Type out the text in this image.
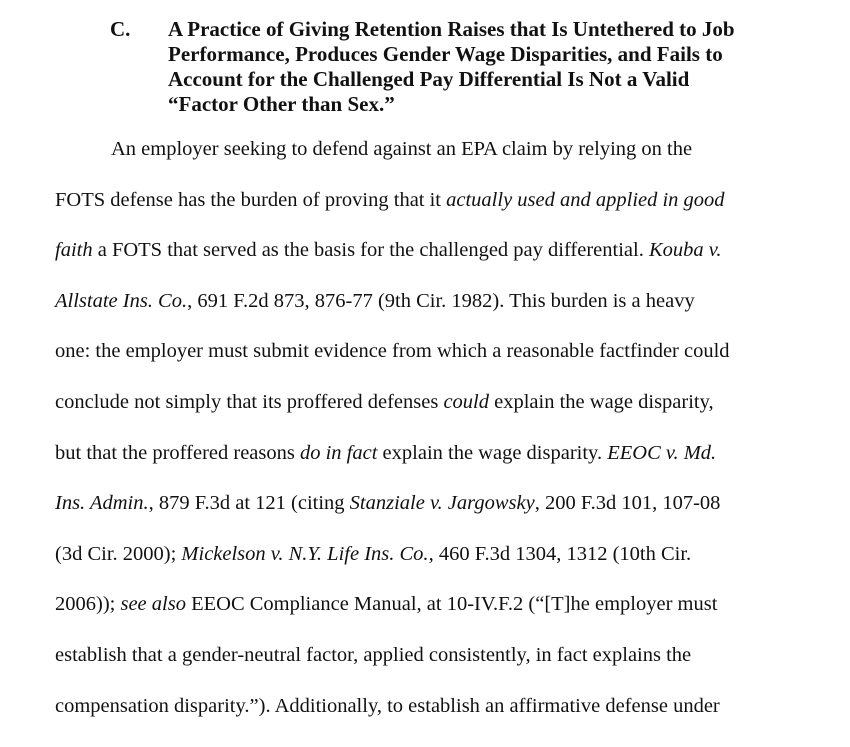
C. A Practice of Giving Retention Raises that Is Untethered to Job
Performance, Produces Gender Wage Disparities, and Fails to
Account for the Challenged Pay Differential Is Not a Valid
“Factor Other than Sex.”
An employer seeking to defend against an EPA claim by relying on the
FOTS defense has the burden of proving that it actually used and applied in good
faith a FOTS that served as the basis for the challenged pay differential. Kouba v.
Allstate Ins. Co., 691 F.2d 873, 876-77 (9th Cir. 1982). This burden is a heavy
one: the employer must submit evidence from which a reasonable factfinder could
conclude not simply that its proffered defenses could explain the wage disparity,
but that the proffered reasons do in fact explain the wage disparity. EEOC v. Md.
Ins. Admin., 879 F.3d at 121 (citing Stanziale v. Jargowsky, 200 F.3d 101, 107-08
(3d Cir. 2000); Mickelson v. N.Y. Life Ins. Co., 460 F.3d 1304, 1312 (10th Cir.
2006)); see also EEOC Compliance Manual, at 10-IV.F.2 (“[T]he employer must
establish that a gender-neutral factor, applied consistently, in fact explains the
compensation disparity.”). Additionally, to establish an affirmative defense under
